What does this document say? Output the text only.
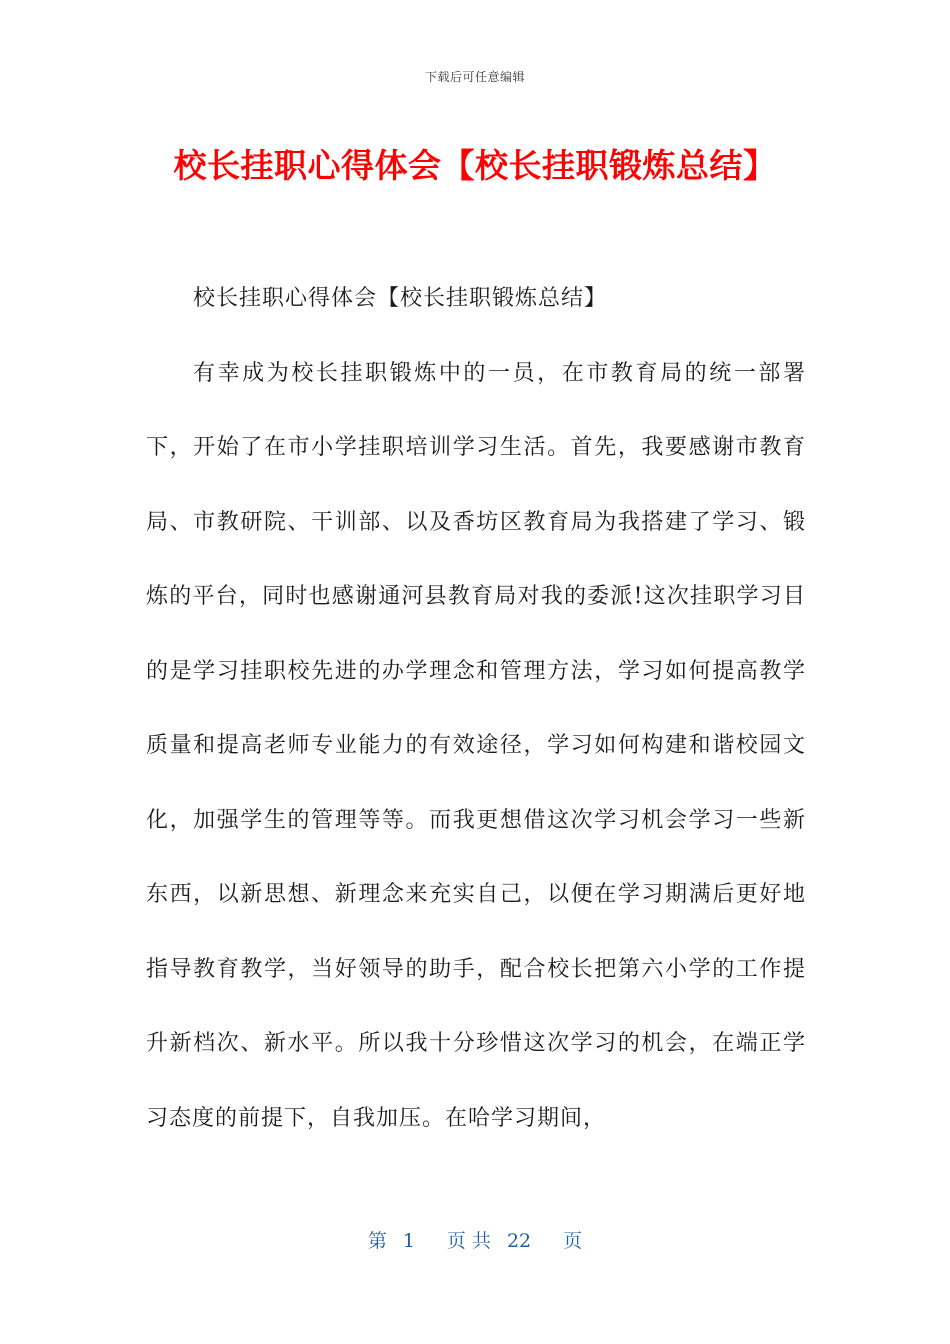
下载后可任意编辑
校长挂职心得体会【校长挂职锻炼总结】

校长挂职心得体会【校长挂职锻炼总结】

有幸成为校长挂职锻炼中的一员，在市教育局的统一部署下，开始了在市小学挂职培训学习生活。首先，我要感谢市教育局、市教研院、干训部、以及香坊区教育局为我搭建了学习、锻炼的平台，同时也感谢通河县教育局对我的委派!这次挂职学习目的是学习挂职校先进的办学理念和管理方法，学习如何提高教学质量和提高老师专业能力的有效途径，学习如何构建和谐校园文化，加强学生的管理等等。而我更想借这次学习机会学习一些新东西，以新思想、新理念来充实自己，以便在学习期满后更好地指导教育教学，当好领导的助手，配合校长把第六小学的工作提升新档次、新水平。所以我十分珍惜这次学习的机会，在端正学习态度的前提下，自我加压。在哈学习期间，

第 1 页 共 22 页
